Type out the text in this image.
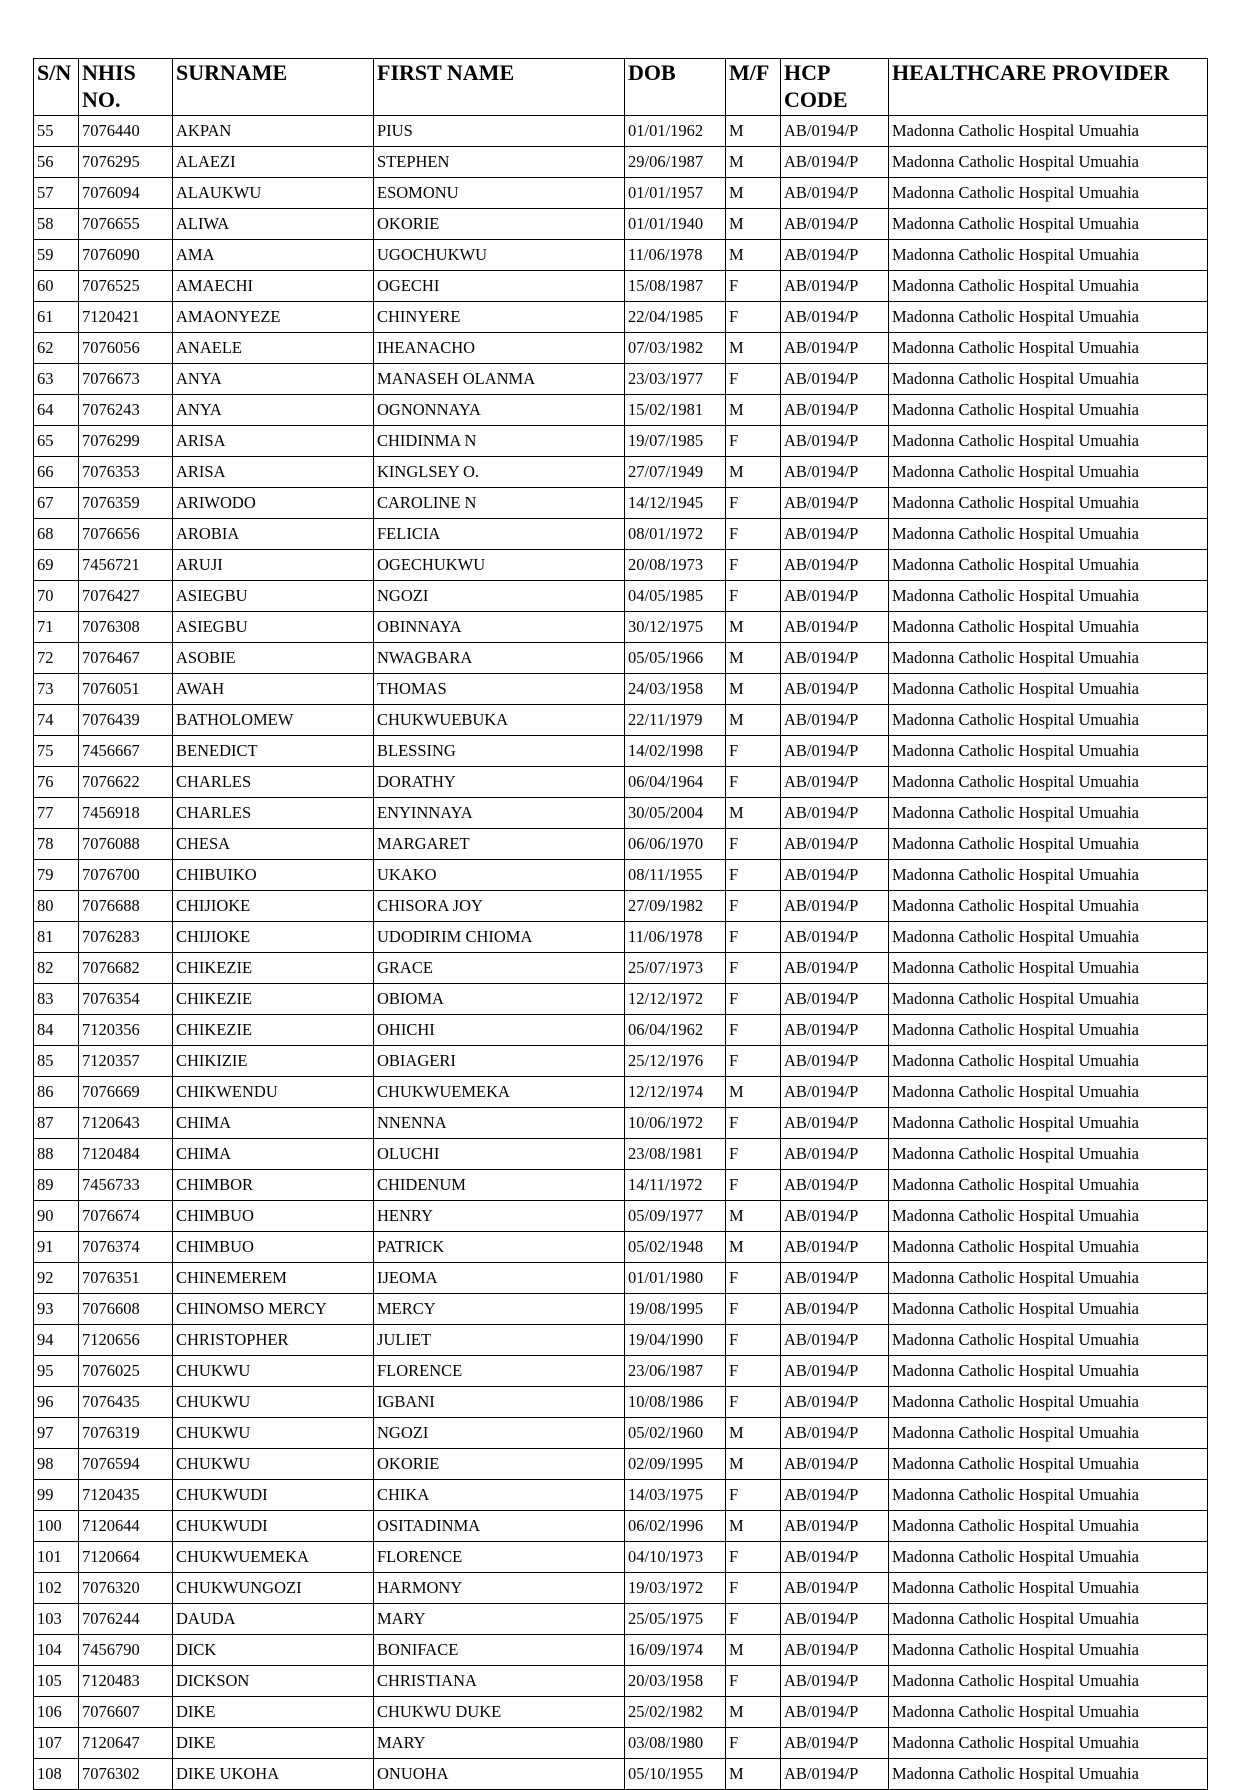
S/N	NHIS NO.	SURNAME	FIRST NAME	DOB	M/F	HCP CODE	HEALTHCARE PROVIDER
55	7076440	AKPAN	PIUS	01/01/1962	M	AB/0194/P	Madonna Catholic Hospital Umuahia
56	7076295	ALAEZI	STEPHEN	29/06/1987	M	AB/0194/P	Madonna Catholic Hospital Umuahia
57	7076094	ALAUKWU	ESOMONU	01/01/1957	M	AB/0194/P	Madonna Catholic Hospital Umuahia
58	7076655	ALIWA	OKORIE	01/01/1940	M	AB/0194/P	Madonna Catholic Hospital Umuahia
59	7076090	AMA	UGOCHUKWU	11/06/1978	M	AB/0194/P	Madonna Catholic Hospital Umuahia
60	7076525	AMAECHI	OGECHI	15/08/1987	F	AB/0194/P	Madonna Catholic Hospital Umuahia
61	7120421	AMAONYEZE	CHINYERE	22/04/1985	F	AB/0194/P	Madonna Catholic Hospital Umuahia
62	7076056	ANAELE	IHEANACHO	07/03/1982	M	AB/0194/P	Madonna Catholic Hospital Umuahia
63	7076673	ANYA	MANASEH OLANMA	23/03/1977	F	AB/0194/P	Madonna Catholic Hospital Umuahia
64	7076243	ANYA	OGNONNAYA	15/02/1981	M	AB/0194/P	Madonna Catholic Hospital Umuahia
65	7076299	ARISA	CHIDINMA N	19/07/1985	F	AB/0194/P	Madonna Catholic Hospital Umuahia
66	7076353	ARISA	KINGLSEY O.	27/07/1949	M	AB/0194/P	Madonna Catholic Hospital Umuahia
67	7076359	ARIWODO	CAROLINE N	14/12/1945	F	AB/0194/P	Madonna Catholic Hospital Umuahia
68	7076656	AROBIA	FELICIA	08/01/1972	F	AB/0194/P	Madonna Catholic Hospital Umuahia
69	7456721	ARUJI	OGECHUKWU	20/08/1973	F	AB/0194/P	Madonna Catholic Hospital Umuahia
70	7076427	ASIEGBU	NGOZI	04/05/1985	F	AB/0194/P	Madonna Catholic Hospital Umuahia
71	7076308	ASIEGBU	OBINNAYA	30/12/1975	M	AB/0194/P	Madonna Catholic Hospital Umuahia
72	7076467	ASOBIE	NWAGBARA	05/05/1966	M	AB/0194/P	Madonna Catholic Hospital Umuahia
73	7076051	AWAH	THOMAS	24/03/1958	M	AB/0194/P	Madonna Catholic Hospital Umuahia
74	7076439	BATHOLOMEW	CHUKWUEBUKA	22/11/1979	M	AB/0194/P	Madonna Catholic Hospital Umuahia
75	7456667	BENEDICT	BLESSING	14/02/1998	F	AB/0194/P	Madonna Catholic Hospital Umuahia
76	7076622	CHARLES	DORATHY	06/04/1964	F	AB/0194/P	Madonna Catholic Hospital Umuahia
77	7456918	CHARLES	ENYINNAYA	30/05/2004	M	AB/0194/P	Madonna Catholic Hospital Umuahia
78	7076088	CHESA	MARGARET	06/06/1970	F	AB/0194/P	Madonna Catholic Hospital Umuahia
79	7076700	CHIBUIKO	UKAKO	08/11/1955	F	AB/0194/P	Madonna Catholic Hospital Umuahia
80	7076688	CHIJIOKE	CHISORA JOY	27/09/1982	F	AB/0194/P	Madonna Catholic Hospital Umuahia
81	7076283	CHIJIOKE	UDODIRIM CHIOMA	11/06/1978	F	AB/0194/P	Madonna Catholic Hospital Umuahia
82	7076682	CHIKEZIE	GRACE	25/07/1973	F	AB/0194/P	Madonna Catholic Hospital Umuahia
83	7076354	CHIKEZIE	OBIOMA	12/12/1972	F	AB/0194/P	Madonna Catholic Hospital Umuahia
84	7120356	CHIKEZIE	OHICHI	06/04/1962	F	AB/0194/P	Madonna Catholic Hospital Umuahia
85	7120357	CHIKIZIE	OBIAGERI	25/12/1976	F	AB/0194/P	Madonna Catholic Hospital Umuahia
86	7076669	CHIKWENDU	CHUKWUEMEKA	12/12/1974	M	AB/0194/P	Madonna Catholic Hospital Umuahia
87	7120643	CHIMA	NNENNA	10/06/1972	F	AB/0194/P	Madonna Catholic Hospital Umuahia
88	7120484	CHIMA	OLUCHI	23/08/1981	F	AB/0194/P	Madonna Catholic Hospital Umuahia
89	7456733	CHIMBOR	CHIDENUM	14/11/1972	F	AB/0194/P	Madonna Catholic Hospital Umuahia
90	7076674	CHIMBUO	HENRY	05/09/1977	M	AB/0194/P	Madonna Catholic Hospital Umuahia
91	7076374	CHIMBUO	PATRICK	05/02/1948	M	AB/0194/P	Madonna Catholic Hospital Umuahia
92	7076351	CHINEMEREM	IJEOMA	01/01/1980	F	AB/0194/P	Madonna Catholic Hospital Umuahia
93	7076608	CHINOMSO MERCY	MERCY	19/08/1995	F	AB/0194/P	Madonna Catholic Hospital Umuahia
94	7120656	CHRISTOPHER	JULIET	19/04/1990	F	AB/0194/P	Madonna Catholic Hospital Umuahia
95	7076025	CHUKWU	FLORENCE	23/06/1987	F	AB/0194/P	Madonna Catholic Hospital Umuahia
96	7076435	CHUKWU	IGBANI	10/08/1986	F	AB/0194/P	Madonna Catholic Hospital Umuahia
97	7076319	CHUKWU	NGOZI	05/02/1960	M	AB/0194/P	Madonna Catholic Hospital Umuahia
98	7076594	CHUKWU	OKORIE	02/09/1995	M	AB/0194/P	Madonna Catholic Hospital Umuahia
99	7120435	CHUKWUDI	CHIKA	14/03/1975	F	AB/0194/P	Madonna Catholic Hospital Umuahia
100	7120644	CHUKWUDI	OSITADINMA	06/02/1996	M	AB/0194/P	Madonna Catholic Hospital Umuahia
101	7120664	CHUKWUEMEKA	FLORENCE	04/10/1973	F	AB/0194/P	Madonna Catholic Hospital Umuahia
102	7076320	CHUKWUNGOZI	HARMONY	19/03/1972	F	AB/0194/P	Madonna Catholic Hospital Umuahia
103	7076244	DAUDA	MARY	25/05/1975	F	AB/0194/P	Madonna Catholic Hospital Umuahia
104	7456790	DICK	BONIFACE	16/09/1974	M	AB/0194/P	Madonna Catholic Hospital Umuahia
105	7120483	DICKSON	CHRISTIANA	20/03/1958	F	AB/0194/P	Madonna Catholic Hospital Umuahia
106	7076607	DIKE	CHUKWU DUKE	25/02/1982	M	AB/0194/P	Madonna Catholic Hospital Umuahia
107	7120647	DIKE	MARY	03/08/1980	F	AB/0194/P	Madonna Catholic Hospital Umuahia
108	7076302	DIKE UKOHA	ONUOHA	05/10/1955	M	AB/0194/P	Madonna Catholic Hospital Umuahia
